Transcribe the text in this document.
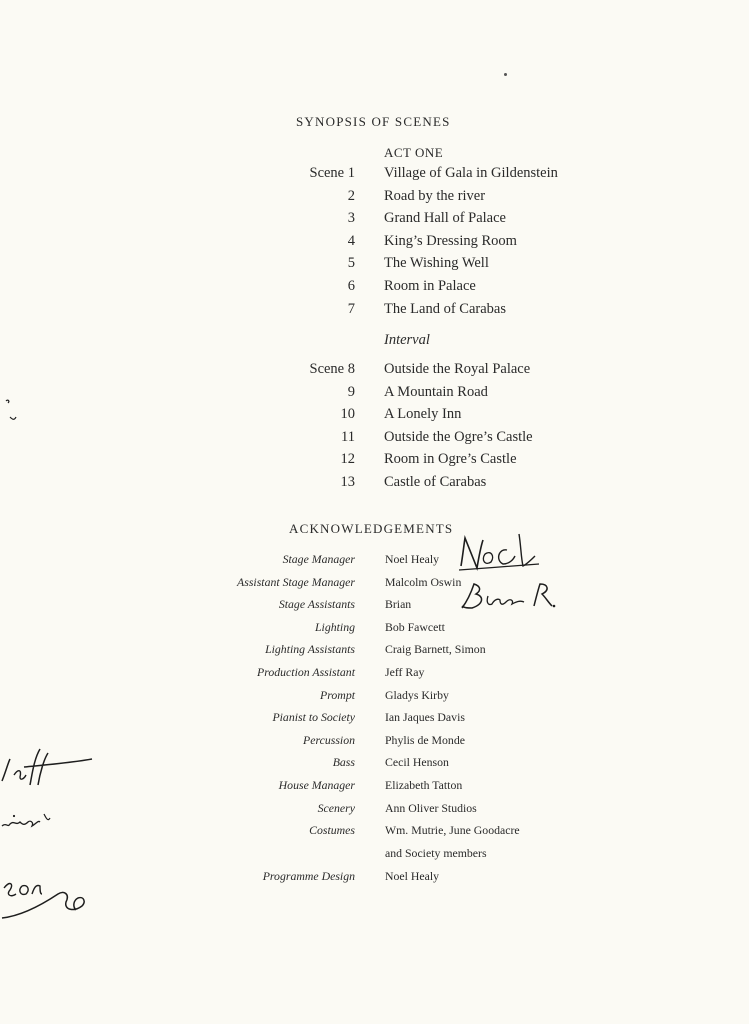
SYNOPSIS OF SCENES
ACT ONE
Scene 1 Village of Gala in Gildenstein
2 Road by the river
3 Grand Hall of Palace
4 King’s Dressing Room
5 The Wishing Well
6 Room in Palace
7 The Land of Carabas
Interval
Scene 8 Outside the Royal Palace
9 A Mountain Road
10 A Lonely Inn
11 Outside the Ogre’s Castle
12 Room in Ogre’s Castle
13 Castle of Carabas
ACKNOWLEDGEMENTS
Stage Manager	Noel Healy
Assistant Stage Manager	Malcolm Oswin
Stage Assistants	Brian
Lighting	Bob Fawcett
Lighting Assistants	Craig Barnett, Simon
Production Assistant	Jeff Ray
Prompt	Gladys Kirby
Pianist to Society	Ian Jaques Davis
Percussion	Phylis de Monde
Bass	Cecil Henson
House Manager	Elizabeth Tatton
Scenery	Ann Oliver Studios
Costumes	Wm. Mutrie, June Goodacre
and Society members
Programme Design	Noel Healy
